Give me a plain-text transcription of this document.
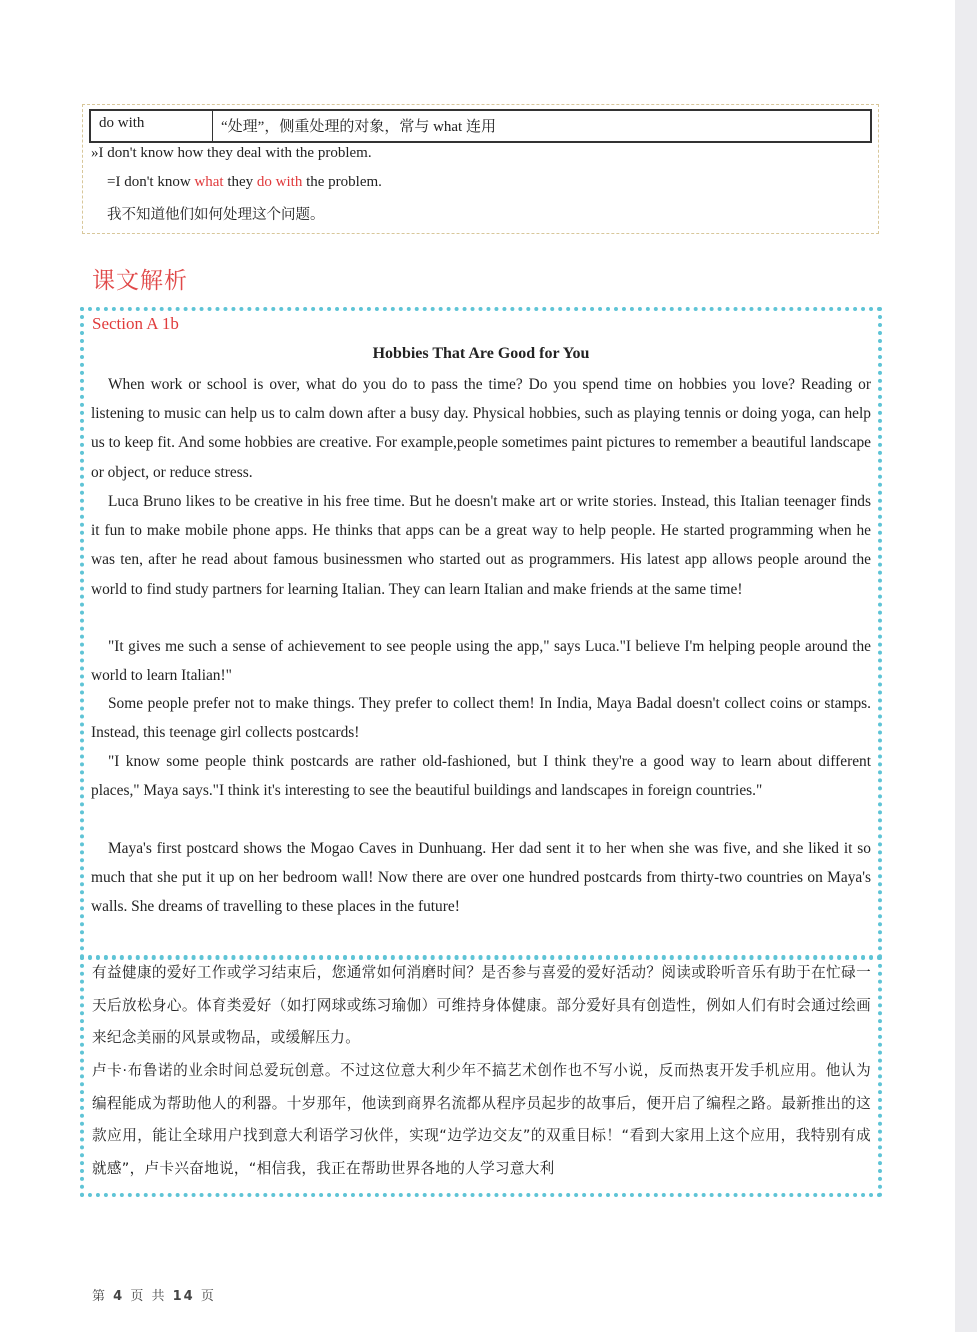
do with	“处理”，侧重处理的对象，常与 what 连用
»I don't know how they deal with the problem.
=I don't know what they do with the problem.
我不知道他们如何处理这个问题。
课文解析
Section A 1b
Hobbies That Are Good for You

When work or school is over, what do you do to pass the time? Do you spend time on hobbies you love? Reading or listening to music can help us to calm down after a busy day. Physical hobbies, such as playing tennis or doing yoga, can help us to keep fit. And some hobbies are creative. For example,people sometimes paint pictures to remember a beautiful landscape or object, or reduce stress.

Luca Bruno likes to be creative in his free time. But he doesn't make art or write stories. Instead, this Italian teenager finds it fun to make mobile phone apps. He thinks that apps can be a great way to help people. He started programming when he was ten, after he read about famous businessmen who started out as programmers. His latest app allows people around the world to find study partners for learning Italian. They can learn Italian and make friends at the same time!

"It gives me such a sense of achievement to see people using the app," says Luca."I believe I'm helping people around the world to learn Italian!"

Some people prefer not to make things. They prefer to collect them! In India, Maya Badal doesn't collect coins or stamps. Instead, this teenage girl collects postcards!

"I know some people think postcards are rather old-fashioned, but I think they're a good way to learn about different places," Maya says."I think it's interesting to see the beautiful buildings and landscapes in foreign countries."

Maya's first postcard shows the Mogao Caves in Dunhuang. Her dad sent it to her when she was five, and she liked it so much that she put it up on her bedroom wall! Now there are over one hundred postcards from thirty-two countries on Maya's walls. She dreams of travelling to these places in the future!

有益健康的爱好工作或学习结束后，您通常如何消磨时间？是否参与喜爱的爱好活动？阅读或聆听音乐有助于在忙碌一天后放松身心。体育类爱好（如打网球或练习瑜伽）可维持身体健康。部分爱好具有创造性，例如人们有时会通过绘画来纪念美丽的风景或物品，或缓解压力。

卢卡·布鲁诺的业余时间总爱玩创意。不过这位意大利少年不搞艺术创作也不写小说，反而热衷开发手机应用。他认为编程能成为帮助他人的利器。十岁那年，他读到商界名流都从程序员起步的故事后，便开启了编程之路。最新推出的这款应用，能让全球用户找到意大利语学习伙伴，实现“边学边交友”的双重目标！“看到大家用上这个应用，我特别有成就感”，卢卡兴奋地说，“相信我，我正在帮助世界各地的人学习意大利

第 4 页 共 14 页
